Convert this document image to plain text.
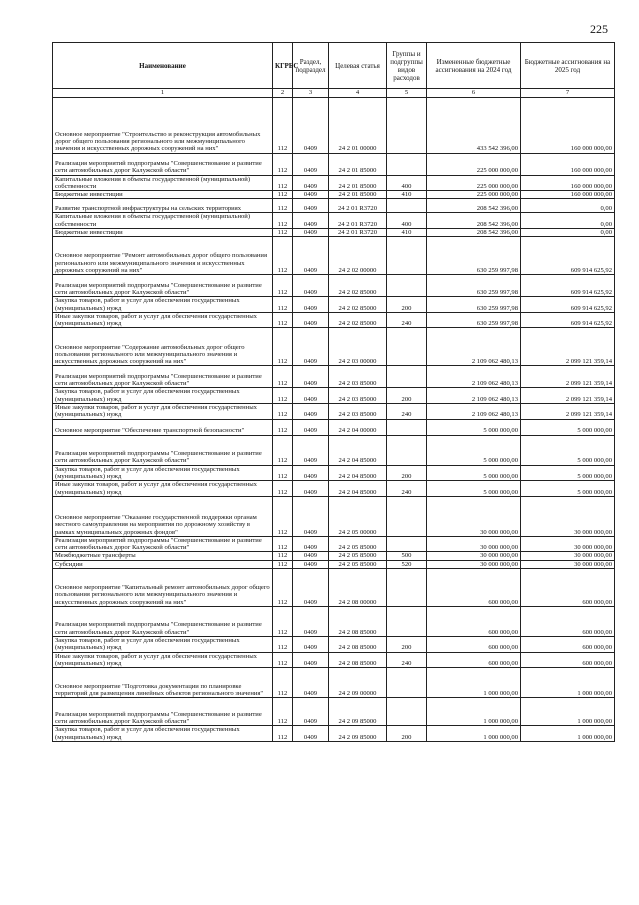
225
Наименование	КГРБС	Раздел, подраздел	Целевая статья	Группы и подгруппы видов расходов	Измененные бюджетные ассигнования на 2024 год	Бюджетные ассигнования на 2025 год
1	2	3	4	5	6	7
Основное мероприятие "Строительство и реконструкция автомобильных дорог общего пользования регионального или межмуниципального значения и искусственных дорожных сооружений на них"	112	0409	24 2 01 00000		433 542 396,00	160 000 000,00
Реализация мероприятий подпрограммы "Совершенствование и развитие сети автомобильных дорог Калужской области"	112	0409	24 2 01 85000		225 000 000,00	160 000 000,00
Капитальные вложения в объекты государственной (муниципальной) собственности	112	0409	24 2 01 85000	400	225 000 000,00	160 000 000,00
Бюджетные инвестиции	112	0409	24 2 01 85000	410	225 000 000,00	160 000 000,00
Развитие транспортной инфраструктуры на сельских территориях	112	0409	24 2 01 R3720		208 542 396,00	0,00
Капитальные вложения в объекты государственной (муниципальной) собственности	112	0409	24 2 01 R3720	400	208 542 396,00	0,00
Бюджетные инвестиции	112	0409	24 2 01 R3720	410	208 542 396,00	0,00
Основное мероприятие "Ремонт автомобильных дорог общего пользования регионального или межмуниципального значения и искусственных дорожных сооружений на них"	112	0409	24 2 02 00000		630 259 997,98	609 914 625,92
Реализация мероприятий подпрограммы "Совершенствование и развитие сети автомобильных дорог Калужской области"	112	0409	24 2 02 85000		630 259 997,98	609 914 625,92
Закупка товаров, работ и услуг для обеспечения государственных (муниципальных) нужд	112	0409	24 2 02 85000	200	630 259 997,98	609 914 625,92
Иные закупки товаров, работ и услуг для обеспечения государственных (муниципальных) нужд	112	0409	24 2 02 85000	240	630 259 997,98	609 914 625,92
Основное мероприятие "Содержание автомобильных дорог общего пользования регионального или межмуниципального значения и искусственных дорожных сооружений на них"	112	0409	24 2 03 00000		2 109 062 480,13	2 099 121 359,14
Реализация мероприятий подпрограммы "Совершенствование и развитие сети автомобильных дорог Калужской области"	112	0409	24 2 03 85000		2 109 062 480,13	2 099 121 359,14
Закупка товаров, работ и услуг для обеспечения государственных (муниципальных) нужд	112	0409	24 2 03 85000	200	2 109 062 480,13	2 099 121 359,14
Иные закупки товаров, работ и услуг для обеспечения государственных (муниципальных) нужд	112	0409	24 2 03 85000	240	2 109 062 480,13	2 099 121 359,14
Основное мероприятие "Обеспечение транспортной безопасности"	112	0409	24 2 04 00000		5 000 000,00	5 000 000,00
Реализация мероприятий подпрограммы "Совершенствование и развитие сети автомобильных дорог Калужской области"	112	0409	24 2 04 85000		5 000 000,00	5 000 000,00
Закупка товаров, работ и услуг для обеспечения государственных (муниципальных) нужд	112	0409	24 2 04 85000	200	5 000 000,00	5 000 000,00
Иные закупки товаров, работ и услуг для обеспечения государственных (муниципальных) нужд	112	0409	24 2 04 85000	240	5 000 000,00	5 000 000,00
Основное мероприятие "Оказание государственной поддержки органам местного самоуправления на мероприятия по дорожному хозяйству в рамках муниципальных дорожных фондов"	112	0409	24 2 05 00000		30 000 000,00	30 000 000,00
Реализация мероприятий подпрограммы "Совершенствование и развитие сети автомобильных дорог Калужской области"	112	0409	24 2 05 85000		30 000 000,00	30 000 000,00
Межбюджетные трансферты	112	0409	24 2 05 85000	500	30 000 000,00	30 000 000,00
Субсидии	112	0409	24 2 05 85000	520	30 000 000,00	30 000 000,00
Основное мероприятие "Капитальный ремонт автомобильных дорог общего пользования регионального или межмуниципального значения и искусственных дорожных сооружений на них"	112	0409	24 2 08 00000		600 000,00	600 000,00
Реализация мероприятий подпрограммы "Совершенствование и развитие сети автомобильных дорог Калужской области"	112	0409	24 2 08 85000		600 000,00	600 000,00
Закупка товаров, работ и услуг для обеспечения государственных (муниципальных) нужд	112	0409	24 2 08 85000	200	600 000,00	600 000,00
Иные закупки товаров, работ и услуг для обеспечения государственных (муниципальных) нужд	112	0409	24 2 08 85000	240	600 000,00	600 000,00
Основное мероприятие "Подготовка документации по планировке территорий для размещения линейных объектов регионального значения"	112	0409	24 2 09 00000		1 000 000,00	1 000 000,00
Реализация мероприятий подпрограммы "Совершенствование и развитие сети автомобильных дорог Калужской области"	112	0409	24 2 09 85000		1 000 000,00	1 000 000,00
Закупка товаров, работ и услуг для обеспечения государственных (муниципальных) нужд	112	0409	24 2 09 85000	200	1 000 000,00	1 000 000,00
